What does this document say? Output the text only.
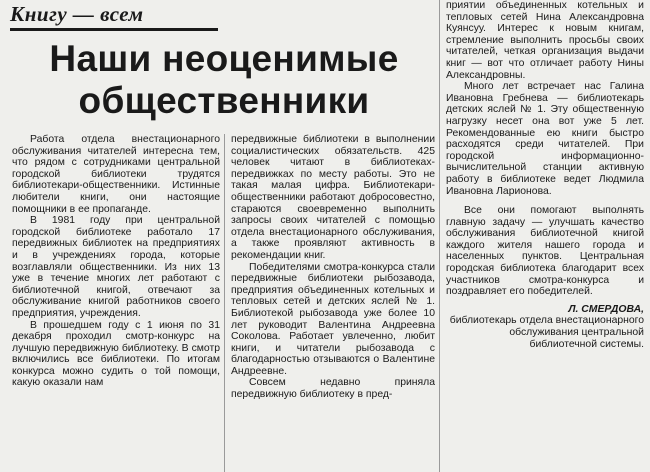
Книгу — всем
Наши неоценимые
общественники

Работа отдела внестационарного обслуживания читателей интересна тем, что рядом с сотрудниками центральной городской библиотеки трудятся библиотекари-общественники. Истинные любители книги, они настоящие помощники в ее пропаганде.

В 1981 году при центральной городской библиотеке работало 17 передвижных библиотек на предприятиях и в учреждениях города, которые возглавляли общественники. Из них 13 уже в течение многих лет работают с библиотечной книгой, отвечают за обслуживание книгой работников своего предприятия, учреждения.

В прошедшем году с 1 июня по 31 декабря проходил смотр-конкурс на лучшую передвижную библиотеку. В смотр включились все библиотеки. По итогам конкурса можно судить о той помощи, какую оказали нам

передвижные библиотеки в выполнении социалистических обязательств. 425 человек читают в библиотеках-передвижках по месту работы. Это не такая малая цифра. Библиотекари-общественники работают добросовестно, стараются своевременно выполнить запросы своих читателей с помощью отдела внестационарного обслуживания, а также проявляют активность в рекомендации книг.

Победителями смотра-конкурса стали передвижные библиотеки рыбозавода, предприятия объединенных котельных и тепловых сетей и детских яслей № 1. Библиотекой рыбозавода уже более 10 лет руководит Валентина Андреевна Соколова. Работает увлеченно, любит книги, и читатели рыбозавода с благодарностью отзываются о Валентине Андреевне.

Совсем недавно приняла передвижную библиотеку в пред-

приятии объединенных котельных и тепловых сетей Нина Александровна Куянсуу. Интерес к новым книгам, стремление выполнить просьбы своих читателей, четкая организация выдачи книг — вот что отличает работу Нины Александровны.

Много лет встречает нас Галина Ивановна Гребнева — библиотекарь детских яслей № 1. Эту общественную нагрузку несет она вот уже 5 лет. Рекомендованные ею книги быстро расходятся среди читателей. При городской информационно-вычислительной станции активную работу в библиотеке ведет Людмила Ивановна Ларионова.

Все они помогают выполнять главную задачу — улучшать качество обслуживания библиотечной книгой каждого жителя нашего города и населенных пунктов. Центральная городская библиотека благодарит всех участников смотра-конкурса и поздравляет его победителей.

Л. СМЕРДОВА,
библиотекарь отдела внестационарного обслуживания центральной библиотечной системы.
